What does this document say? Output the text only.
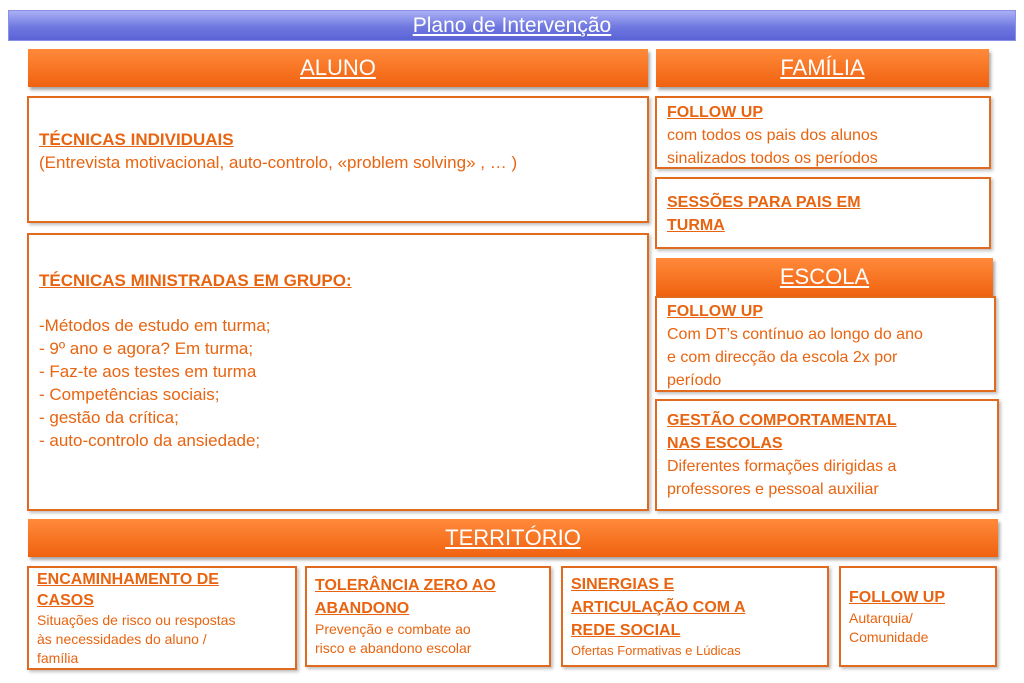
Plano de Intervenção
ALUNO
TÉCNICAS INDIVIDUAIS
(Entrevista motivacional, auto-controlo, «problem solving» , … )
TÉCNICAS MINISTRADAS EM GRUPO:
-Métodos de estudo em turma;
- 9º ano e agora? Em turma;
- Faz-te aos testes em turma
- Competências sociais;
- gestão da crítica;
- auto-controlo da ansiedade;
FAMÍLIA
FOLLOW UP
com todos os pais dos alunos
sinalizados todos os períodos
SESSÕES PARA PAIS EM
TURMA
ESCOLA
FOLLOW UP
Com DT’s contínuo ao longo do ano
e com direcção da escola 2x por
período
GESTÃO COMPORTAMENTAL
NAS ESCOLAS
Diferentes formações dirigidas a
professores e pessoal auxiliar
TERRITÓRIO
ENCAMINHAMENTO DE
CASOS
Situações de risco ou respostas
às necessidades do aluno /
família
TOLERÂNCIA ZERO AO
ABANDONO
Prevenção e combate ao
risco e abandono escolar
SINERGIAS E
ARTICULAÇÃO COM A
REDE SOCIAL
Ofertas Formativas e Lúdicas
FOLLOW UP
Autarquia/
Comunidade
